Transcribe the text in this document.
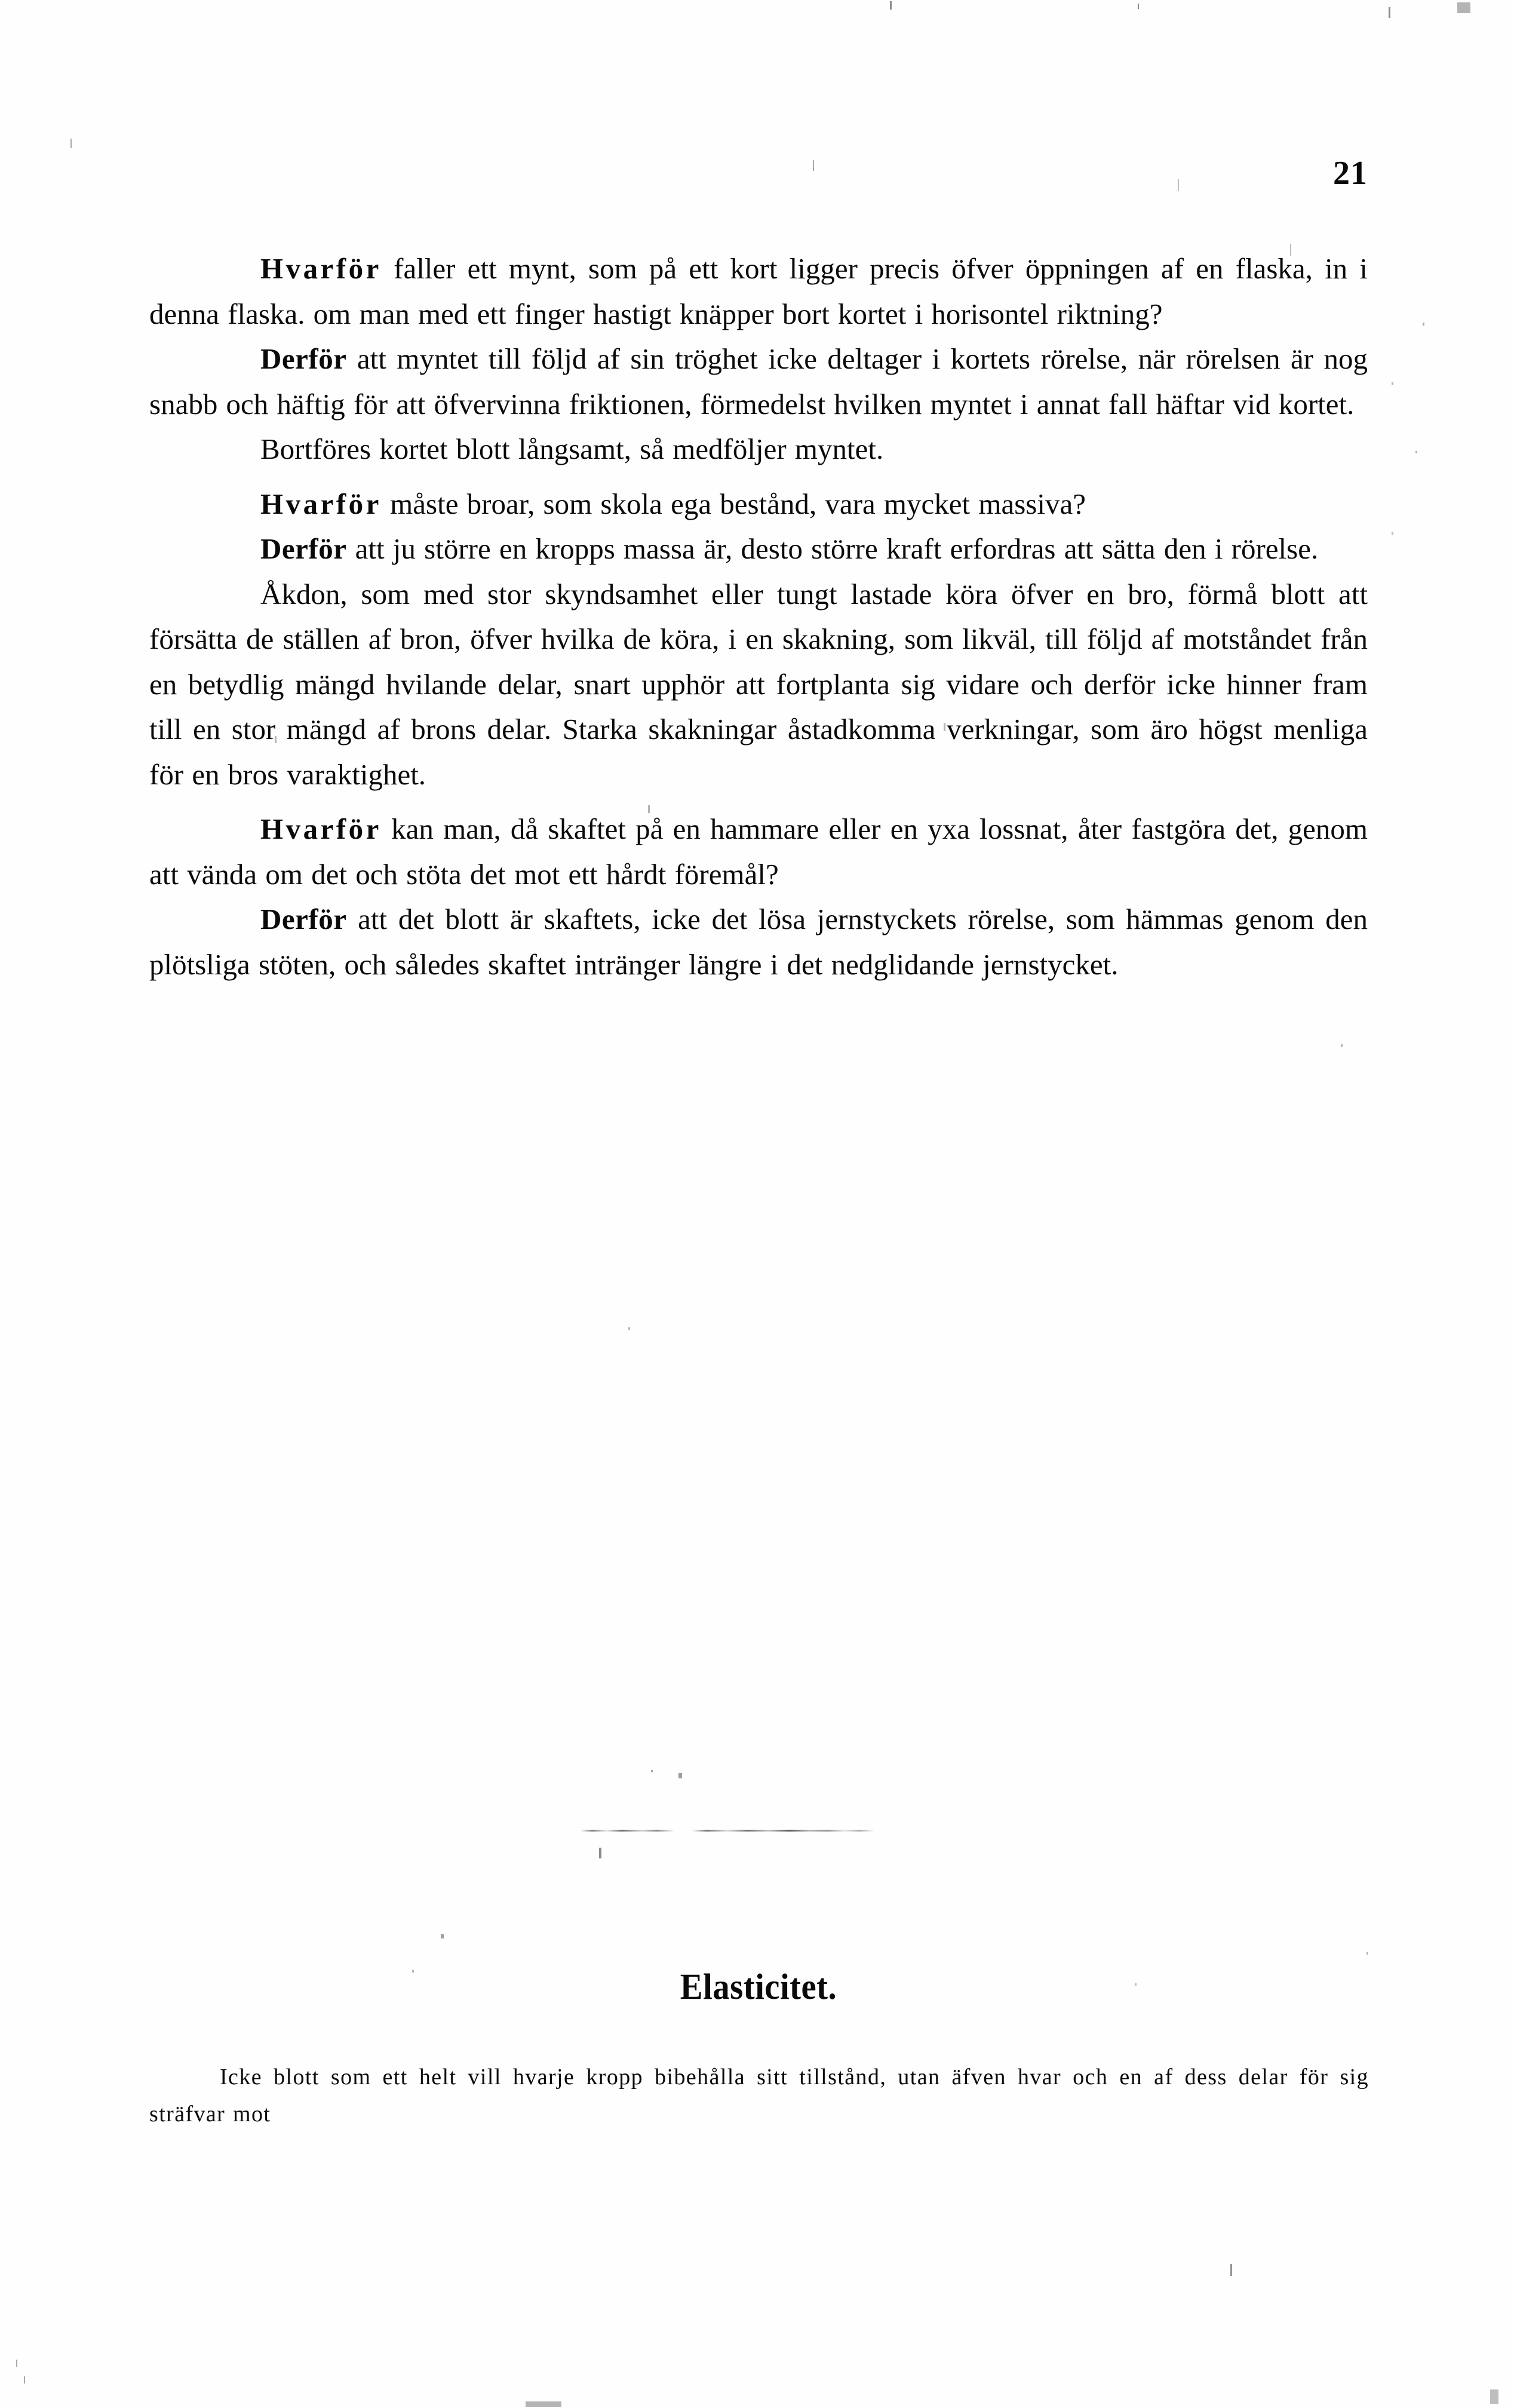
21

Hvarför faller ett mynt, som på ett kort ligger precis öfver öppningen af en flaska, in i denna flaska. om man med ett finger hastigt knäpper bort kortet i horisontel riktning?

Derför att myntet till följd af sin tröghet icke deltager i kortets rörelse, när rörelsen är nog snabb och häftig för att öfvervinna friktionen, förmedelst hvilken myntet i annat fall häftar vid kortet.

Bortföres kortet blott långsamt, så medföljer myntet.

Hvarför måste broar, som skola ega bestånd, vara mycket massiva?

Derför att ju större en kropps massa är, desto större kraft erfordras att sätta den i rörelse.

Åkdon, som med stor skyndsamhet eller tungt lastade köra öfver en bro, förmå blott att försätta de ställen af bron, öfver hvilka de köra, i en skakning, som likväl, till följd af motståndet från en betydlig mängd hvilande delar, snart upphör att fortplanta sig vidare och derför icke hinner fram till en stor mängd af brons delar. Starka skakningar åstadkomma verkningar, som äro högst menliga för en bros varaktighet.

Hvarför kan man, då skaftet på en hammare eller en yxa lossnat, åter fastgöra det, genom att vända om det och stöta det mot ett hårdt föremål?

Derför att det blott är skaftets, icke det lösa jernstyckets rörelse, som hämmas genom den plötsliga stöten, och således skaftet intränger längre i det nedglidande jernstycket.

Elasticitet.

Icke blott som ett helt vill hvarje kropp bibehålla sitt tillstånd, utan äfven hvar och en af dess delar för sig sträfvar mot
